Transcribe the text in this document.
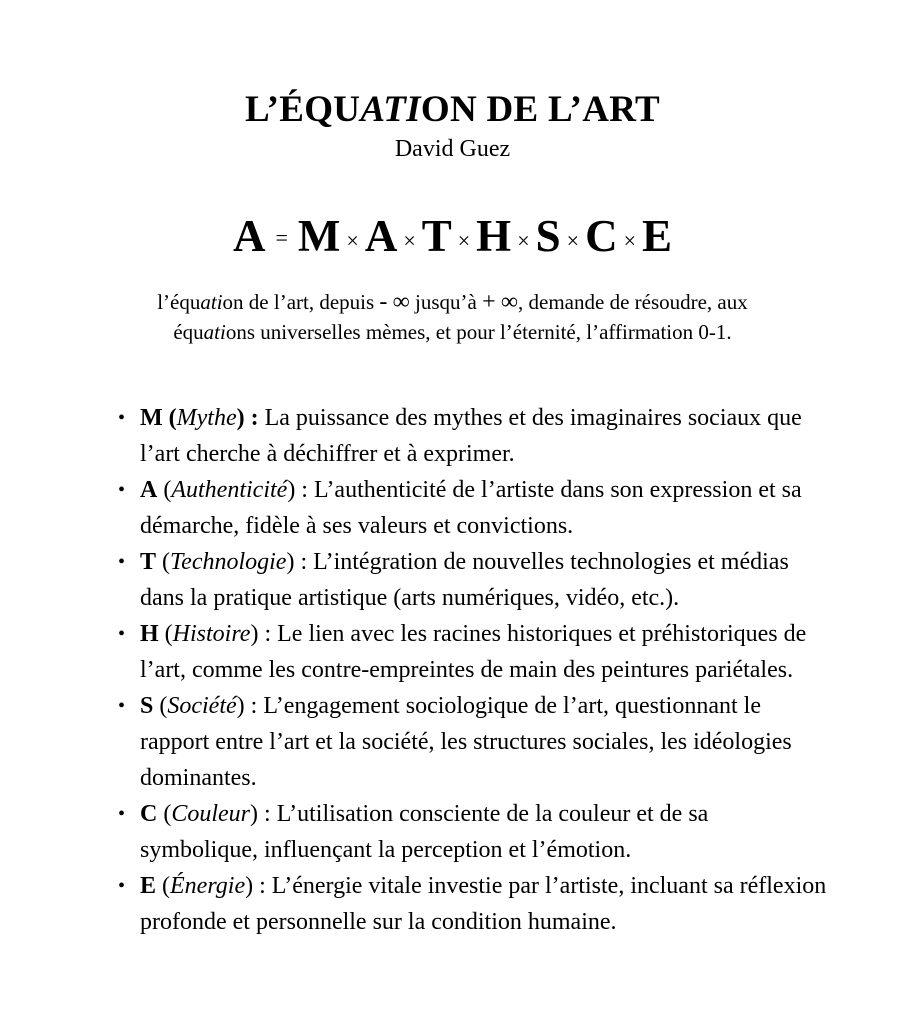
L’ÉQUATION DE L’ART
David Guez
A = M × A × T × H × S × C × E
l’équation de l’art, depuis - ∞ jusqu’à + ∞, demande de résoudre, aux
équations universelles mèmes, et pour l’éternité, l’affirmation 0-1.
• M (Mythe) : La puissance des mythes et des imaginaires sociaux que l’art cherche à déchiffrer et à exprimer.
• A (Authenticité) : L’authenticité de l’artiste dans son expression et sa démarche, fidèle à ses valeurs et convictions.
• T (Technologie) : L’intégration de nouvelles technologies et médias dans la pratique artistique (arts numériques, vidéo, etc.).
• H (Histoire) : Le lien avec les racines historiques et préhistoriques de l’art, comme les contre-empreintes de main des peintures pariétales.
• S (Société) : L’engagement sociologique de l’art, questionnant le rapport entre l’art et la société, les structures sociales, les idéologies dominantes.
• C (Couleur) : L’utilisation consciente de la couleur et de sa symbolique, influençant la perception et l’émotion.
• E (Énergie) : L’énergie vitale investie par l’artiste, incluant sa réflexion profonde et personnelle sur la condition humaine.
